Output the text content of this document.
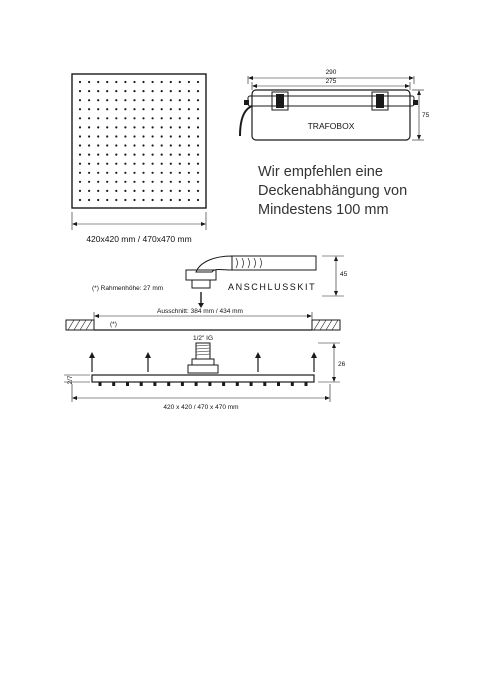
420x420 mm / 470x470 mm
290
275
TRAFOBOX
75
Wir empfehlen eine
Deckenabhängung von
Mindestens 100 mm
ANSCHLUSSKIT
45
(*) Rahmenhöhe: 27 mm
Ausschnitt: 384 mm / 434 mm
(*)
1/2" IG
2/7
26
420 x 420 / 470 x 470 mm
